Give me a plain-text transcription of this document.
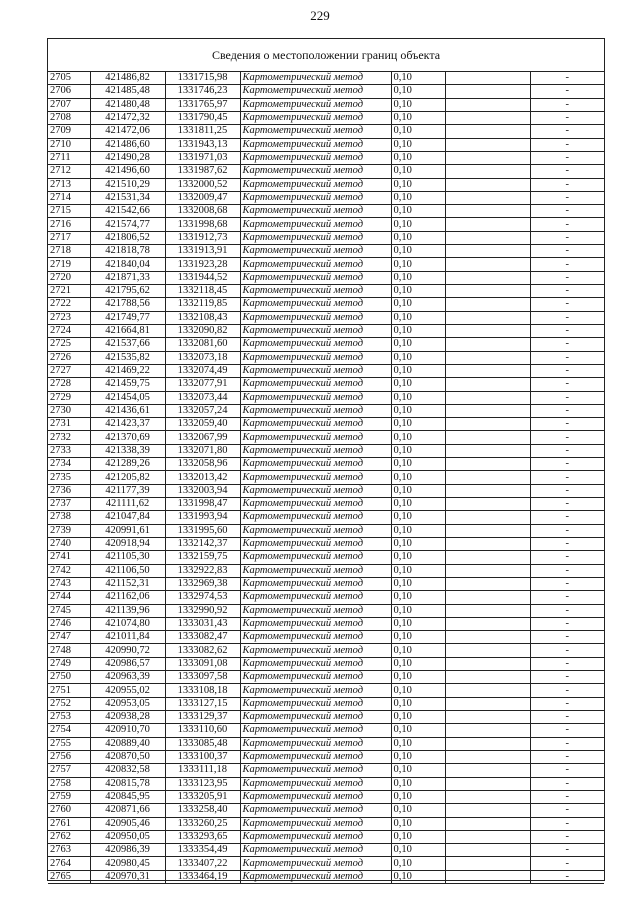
229
Сведения о местоположении границ объекта
2705	421486,82	1331715,98	Картометрический метод	0,10		-
2706	421485,48	1331746,23	Картометрический метод	0,10		-
2707	421480,48	1331765,97	Картометрический метод	0,10		-
2708	421472,32	1331790,45	Картометрический метод	0,10		-
2709	421472,06	1331811,25	Картометрический метод	0,10		-
2710	421486,60	1331943,13	Картометрический метод	0,10		-
2711	421490,28	1331971,03	Картометрический метод	0,10		-
2712	421496,60	1331987,62	Картометрический метод	0,10		-
2713	421510,29	1332000,52	Картометрический метод	0,10		-
2714	421531,34	1332009,47	Картометрический метод	0,10		-
2715	421542,66	1332008,68	Картометрический метод	0,10		-
2716	421574,77	1331998,68	Картометрический метод	0,10		-
2717	421806,52	1331912,73	Картометрический метод	0,10		-
2718	421818,78	1331913,91	Картометрический метод	0,10		-
2719	421840,04	1331923,28	Картометрический метод	0,10		-
2720	421871,33	1331944,52	Картометрический метод	0,10		-
2721	421795,62	1332118,45	Картометрический метод	0,10		-
2722	421788,56	1332119,85	Картометрический метод	0,10		-
2723	421749,77	1332108,43	Картометрический метод	0,10		-
2724	421664,81	1332090,82	Картометрический метод	0,10		-
2725	421537,66	1332081,60	Картометрический метод	0,10		-
2726	421535,82	1332073,18	Картометрический метод	0,10		-
2727	421469,22	1332074,49	Картометрический метод	0,10		-
2728	421459,75	1332077,91	Картометрический метод	0,10		-
2729	421454,05	1332073,44	Картометрический метод	0,10		-
2730	421436,61	1332057,24	Картометрический метод	0,10		-
2731	421423,37	1332059,40	Картометрический метод	0,10		-
2732	421370,69	1332067,99	Картометрический метод	0,10		-
2733	421338,39	1332071,80	Картометрический метод	0,10		-
2734	421289,26	1332058,96	Картометрический метод	0,10		-
2735	421205,82	1332013,42	Картометрический метод	0,10		-
2736	421177,39	1332003,94	Картометрический метод	0,10		-
2737	421111,62	1331998,47	Картометрический метод	0,10		-
2738	421047,84	1331993,94	Картометрический метод	0,10		-
2739	420991,61	1331995,60	Картометрический метод	0,10		-
2740	420918,94	1332142,37	Картометрический метод	0,10		-
2741	421105,30	1332159,75	Картометрический метод	0,10		-
2742	421106,50	1332922,83	Картометрический метод	0,10		-
2743	421152,31	1332969,38	Картометрический метод	0,10		-
2744	421162,06	1332974,53	Картометрический метод	0,10		-
2745	421139,96	1332990,92	Картометрический метод	0,10		-
2746	421074,80	1333031,43	Картометрический метод	0,10		-
2747	421011,84	1333082,47	Картометрический метод	0,10		-
2748	420990,72	1333082,62	Картометрический метод	0,10		-
2749	420986,57	1333091,08	Картометрический метод	0,10		-
2750	420963,39	1333097,58	Картометрический метод	0,10		-
2751	420955,02	1333108,18	Картометрический метод	0,10		-
2752	420953,05	1333127,15	Картометрический метод	0,10		-
2753	420938,28	1333129,37	Картометрический метод	0,10		-
2754	420910,70	1333110,60	Картометрический метод	0,10		-
2755	420889,40	1333085,48	Картометрический метод	0,10		-
2756	420870,50	1333100,37	Картометрический метод	0,10		-
2757	420832,58	1333111,18	Картометрический метод	0,10		-
2758	420815,78	1333123,95	Картометрический метод	0,10		-
2759	420845,95	1333205,91	Картометрический метод	0,10		-
2760	420871,66	1333258,40	Картометрический метод	0,10		-
2761	420905,46	1333260,25	Картометрический метод	0,10		-
2762	420950,05	1333293,65	Картометрический метод	0,10		-
2763	420986,39	1333354,49	Картометрический метод	0,10		-
2764	420980,45	1333407,22	Картометрический метод	0,10		-
2765	420970,31	1333464,19	Картометрический метод	0,10		-
